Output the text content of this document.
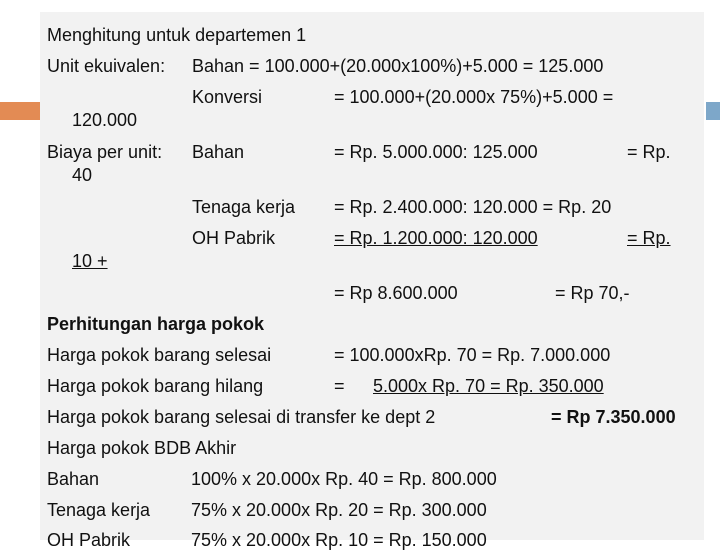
Menghitung untuk departemen 1
Unit ekuivalen: Bahan = 100.000+(20.000x100%)+5.000 = 125.000
Konversi	= 100.000+(20.000x 75%)+5.000 =
120.000
Biaya per unit: Bahan	= Rp. 5.000.000: 125.000	= Rp.
40
Tenaga kerja = Rp. 2.400.000: 120.000 = Rp. 20
OH Pabrik	= Rp. 1.200.000: 120.000	= Rp.
10 +
= Rp 8.600.000	= Rp 70,-
Perhitungan harga pokok
Harga pokok barang selesai	= 100.000xRp. 70 = Rp. 7.000.000
Harga pokok barang hilang	= 5.000x Rp. 70 = Rp. 350.000
Harga pokok barang selesai di transfer ke dept 2	= Rp 7.350.000
Harga pokok BDB Akhir
Bahan	100% x 20.000x Rp. 40 = Rp. 800.000
Tenaga kerja 75% x 20.000x Rp. 20 = Rp. 300.000
OH Pabrik	75% x 20.000x Rp. 10 = Rp. 150.000
